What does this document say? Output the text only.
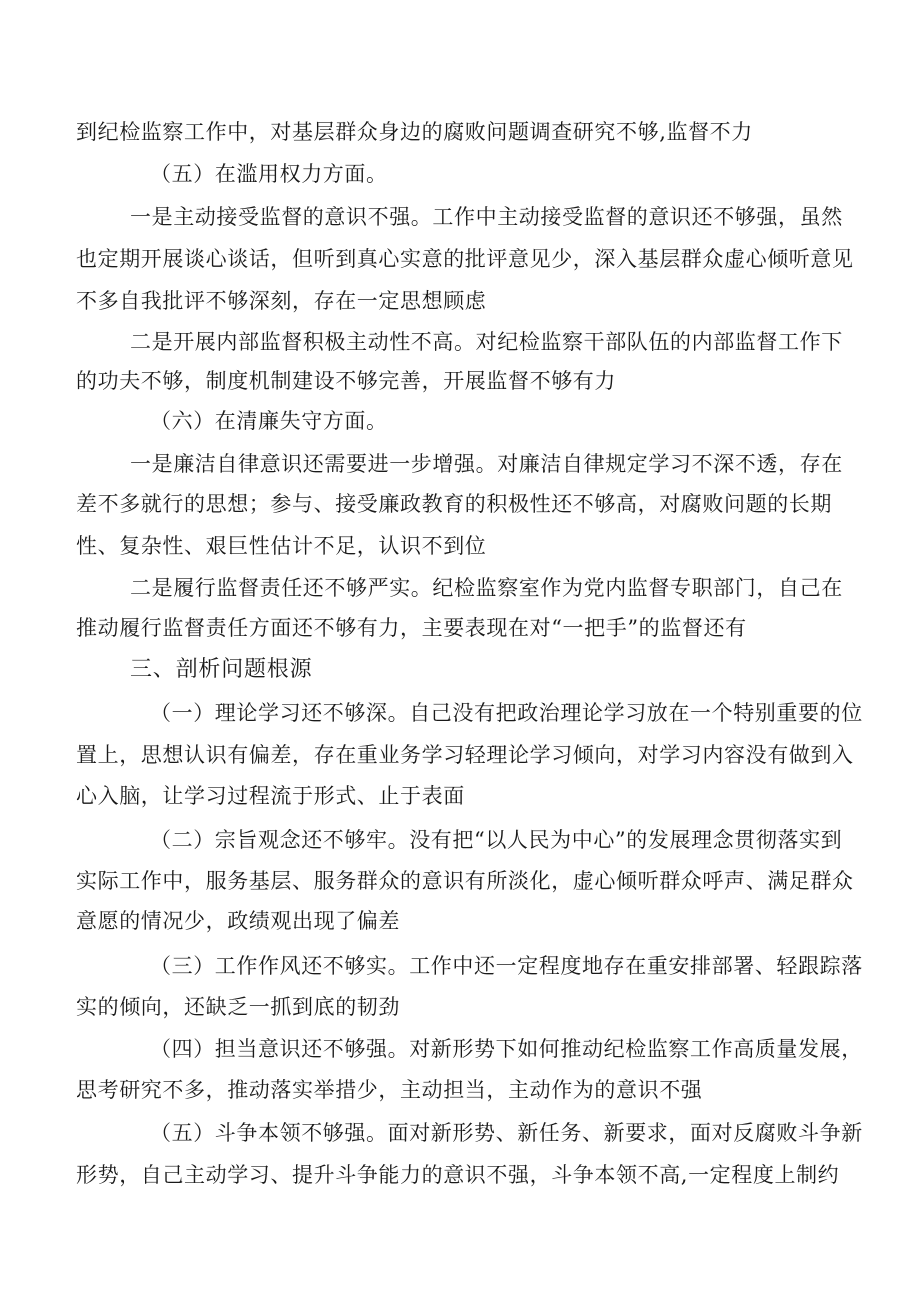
到纪检监察工作中，对基层群众身边的腐败问题调查研究不够,监督不力
（五）在滥用权力方面。
一是主动接受监督的意识不强。工作中主动接受监督的意识还不够强，虽然
也定期开展谈心谈话，但听到真心实意的批评意见少，深入基层群众虚心倾听意见
不多自我批评不够深刻，存在一定思想顾虑
二是开展内部监督积极主动性不高。对纪检监察干部队伍的内部监督工作下
的功夫不够，制度机制建设不够完善，开展监督不够有力
（六）在清廉失守方面。
一是廉洁自律意识还需要进一步增强。对廉洁自律规定学习不深不透，存在
差不多就行的思想；参与、接受廉政教育的积极性还不够高，对腐败问题的长期
性、复杂性、艰巨性估计不足，认识不到位
二是履行监督责任还不够严实。纪检监察室作为党内监督专职部门，自己在
推动履行监督责任方面还不够有力，主要表现在对“一把手”的监督还有
三、剖析问题根源
（一）理论学习还不够深。自己没有把政治理论学习放在一个特别重要的位
置上，思想认识有偏差，存在重业务学习轻理论学习倾向，对学习内容没有做到入
心入脑，让学习过程流于形式、止于表面
（二）宗旨观念还不够牢。没有把“以人民为中心”的发展理念贯彻落实到
实际工作中，服务基层、服务群众的意识有所淡化，虚心倾听群众呼声、满足群众
意愿的情况少，政绩观出现了偏差
（三）工作作风还不够实。工作中还一定程度地存在重安排部署、轻跟踪落
实的倾向，还缺乏一抓到底的韧劲
（四）担当意识还不够强。对新形势下如何推动纪检监察工作高质量发展，
思考研究不多，推动落实举措少，主动担当，主动作为的意识不强
（五）斗争本领不够强。面对新形势、新任务、新要求，面对反腐败斗争新
形势，自己主动学习、提升斗争能力的意识不强，斗争本领不高,一定程度上制约
